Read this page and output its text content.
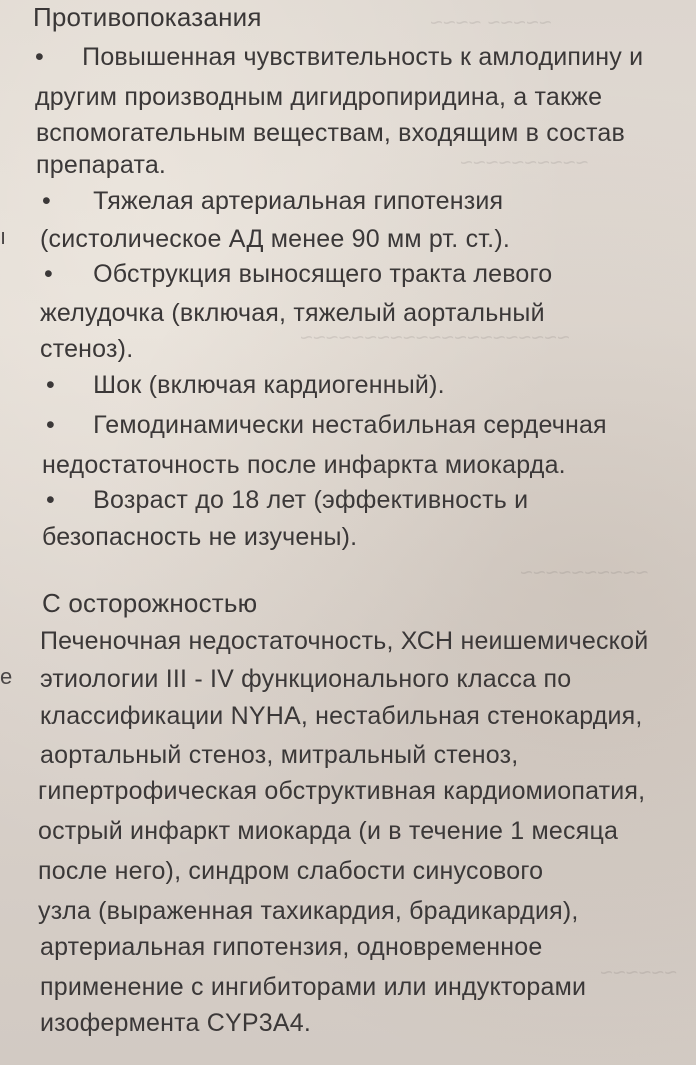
~~~~~ ~~~~
~~~~~~~~~~
~~~~~~~~~~~~~~~~~~~~~
~~~~~~~~~~
~~~~~~
ı
е
Противопоказания
• Повышенная чувствительность к амлодипину и
другим производным дигидропиридина, а также
вспомогательным веществам, входящим в состав
препарата.
• Тяжелая артериальная гипотензия
(систолическое АД менее 90 мм рт. ст.).
• Обструкция выносящего тракта левого
желудочка (включая, тяжелый аортальный
стеноз).
• Шок (включая кардиогенный).
• Гемодинамически нестабильная сердечная
недостаточность после инфаркта миокарда.
• Возраст до 18 лет (эффективность и
безопасность не изучены).
С осторожностью
Печеночная недостаточность, ХСН неишемической
этиологии III - IV функционального класса по
классификации NYHA, нестабильная стенокардия,
аортальный стеноз, митральный стеноз,
гипертрофическая обструктивная кардиомиопатия,
острый инфаркт миокарда (и в течение 1 месяца
после него), синдром слабости синусового
узла (выраженная тахикардия, брадикардия),
артериальная гипотензия, одновременное
применение с ингибиторами или индукторами
изофермента CYP3A4.
